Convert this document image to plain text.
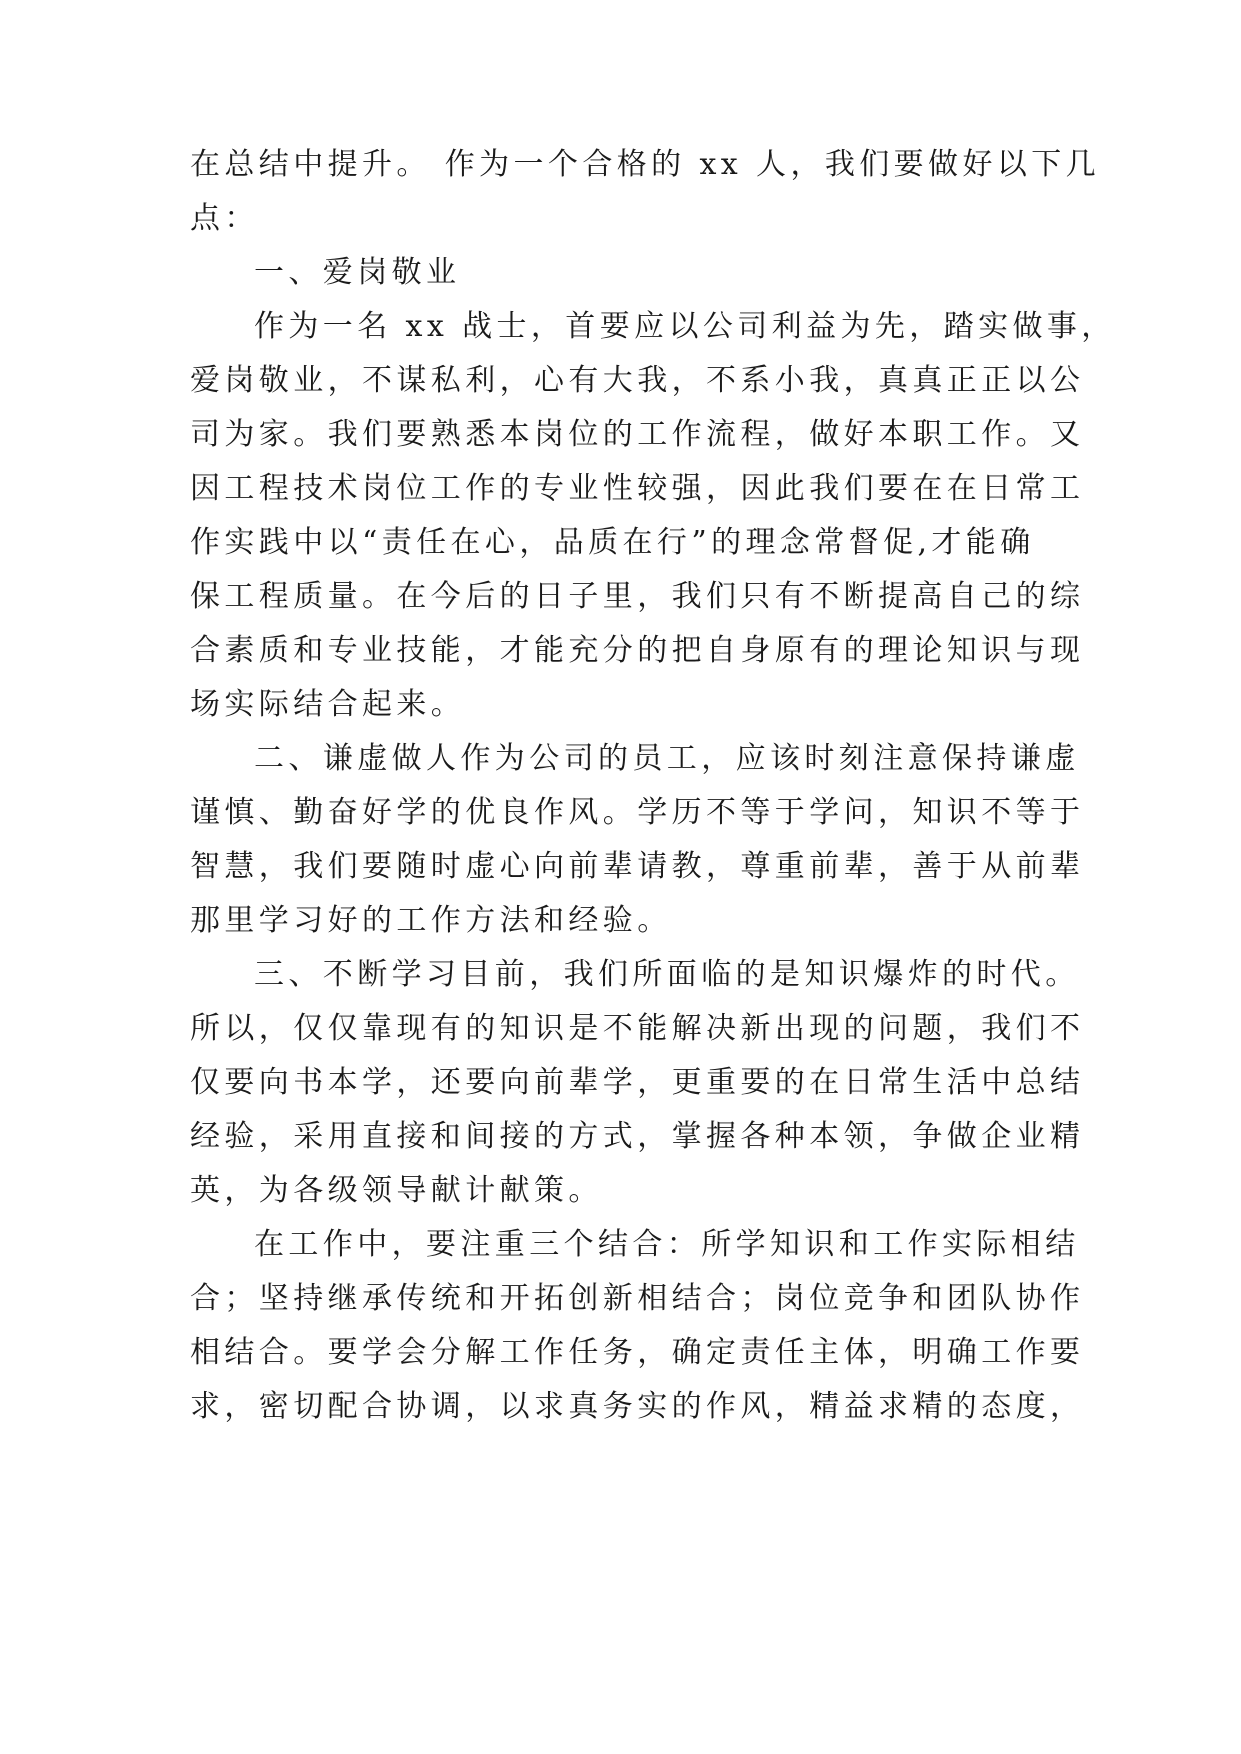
在总结中提升。 作为一个合格的 xx 人，我们要做好以下几
点：
一、爱岗敬业
作为一名 xx 战士，首要应以公司利益为先，踏实做事，
爱岗敬业，不谋私利，心有大我，不系小我，真真正正以公
司为家。我们要熟悉本岗位的工作流程，做好本职工作。又
因工程技术岗位工作的专业性较强，因此我们要在在日常工
作实践中以“责任在心，品质在行”的理念常督促,才能确
保工程质量。在今后的日子里，我们只有不断提高自己的综
合素质和专业技能，才能充分的把自身原有的理论知识与现
场实际结合起来。
二、谦虚做人作为公司的员工，应该时刻注意保持谦虚
谨慎、勤奋好学的优良作风。学历不等于学问，知识不等于
智慧，我们要随时虚心向前辈请教，尊重前辈，善于从前辈
那里学习好的工作方法和经验。
三、不断学习目前，我们所面临的是知识爆炸的时代。
所以，仅仅靠现有的知识是不能解决新出现的问题，我们不
仅要向书本学，还要向前辈学，更重要的在日常生活中总结
经验，采用直接和间接的方式，掌握各种本领，争做企业精
英，为各级领导献计献策。
在工作中，要注重三个结合：所学知识和工作实际相结
合；坚持继承传统和开拓创新相结合；岗位竞争和团队协作
相结合。要学会分解工作任务，确定责任主体，明确工作要
求，密切配合协调，以求真务实的作风，精益求精的态度，
